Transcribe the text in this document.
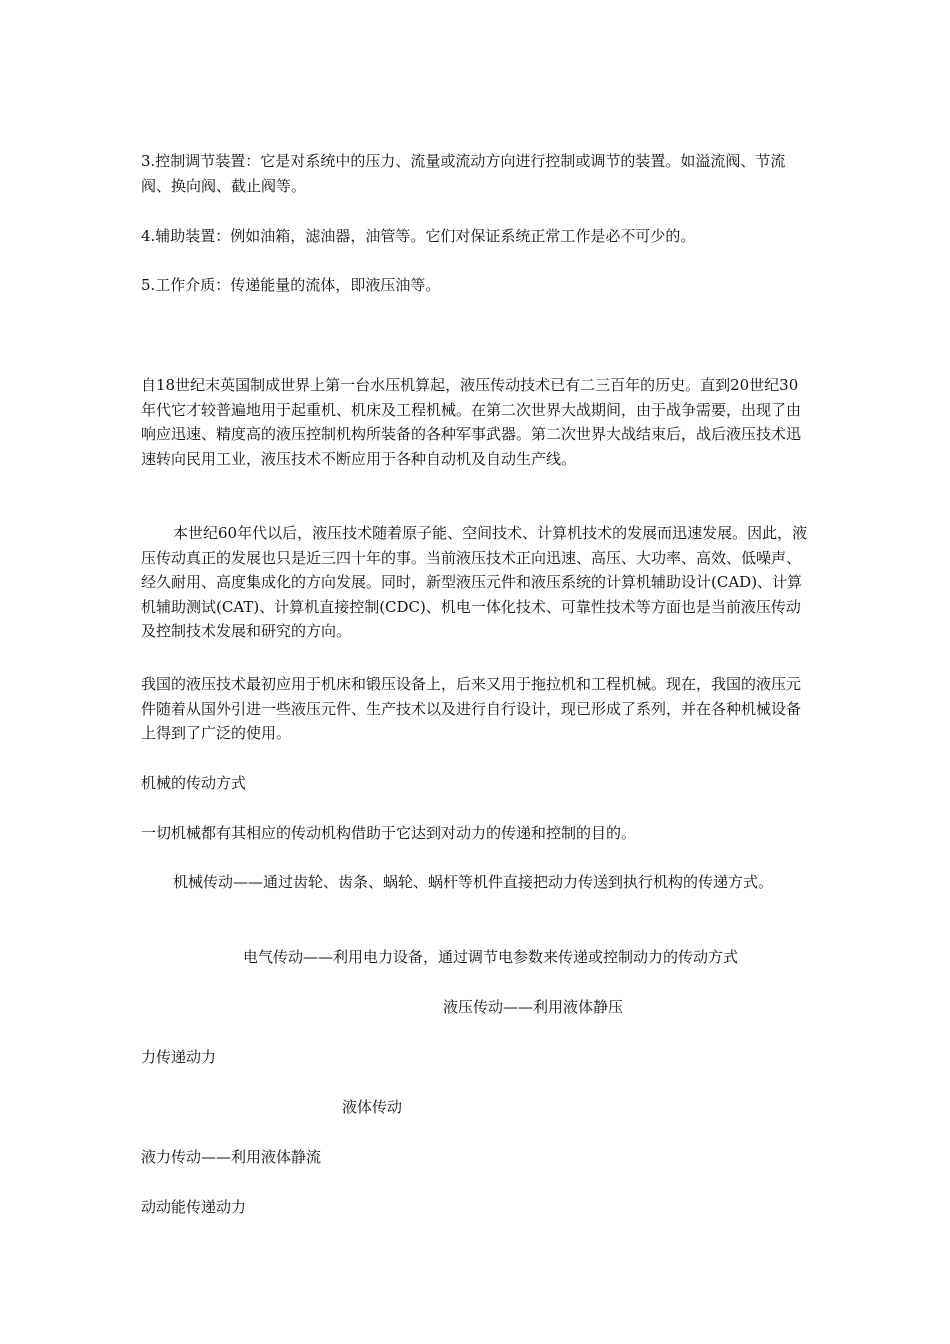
3.控制调节装置：它是对系统中的压力、流量或流动方向进行控制或调节的装置。如溢流阀、节流阀、换向阀、截止阀等。

4.辅助装置：例如油箱，滤油器，油管等。它们对保证系统正常工作是必不可少的。

5.工作介质：传递能量的流体，即液压油等。

自18世纪末英国制成世界上第一台水压机算起，液压传动技术已有二三百年的历史。直到20世纪30年代它才较普遍地用于起重机、机床及工程机械。在第二次世界大战期间，由于战争需要，出现了由响应迅速、精度高的液压控制机构所装备的各种军事武器。第二次世界大战结束后，战后液压技术迅速转向民用工业，液压技术不断应用于各种自动机及自动生产线。

本世纪60年代以后，液压技术随着原子能、空间技术、计算机技术的发展而迅速发展。因此，液压传动真正的发展也只是近三四十年的事。当前液压技术正向迅速、高压、大功率、高效、低噪声、经久耐用、高度集成化的方向发展。同时，新型液压元件和液压系统的计算机辅助设计(CAD)、计算机辅助测试(CAT)、计算机直接控制(CDC)、机电一体化技术、可靠性技术等方面也是当前液压传动及控制技术发展和研究的方向。

我国的液压技术最初应用于机床和锻压设备上，后来又用于拖拉机和工程机械。现在，我国的液压元件随着从国外引进一些液压元件、生产技术以及进行自行设计，现已形成了系列，并在各种机械设备上得到了广泛的使用。

机械的传动方式

一切机械都有其相应的传动机构借助于它达到对动力的传递和控制的目的。

机械传动——通过齿轮、齿条、蜗轮、蜗杆等机件直接把动力传送到执行机构的传递方式。

电气传动——利用电力设备，通过调节电参数来传递或控制动力的传动方式

液压传动——利用液体静压

力传递动力

液体传动

液力传动——利用液体静流

动动能传递动力
